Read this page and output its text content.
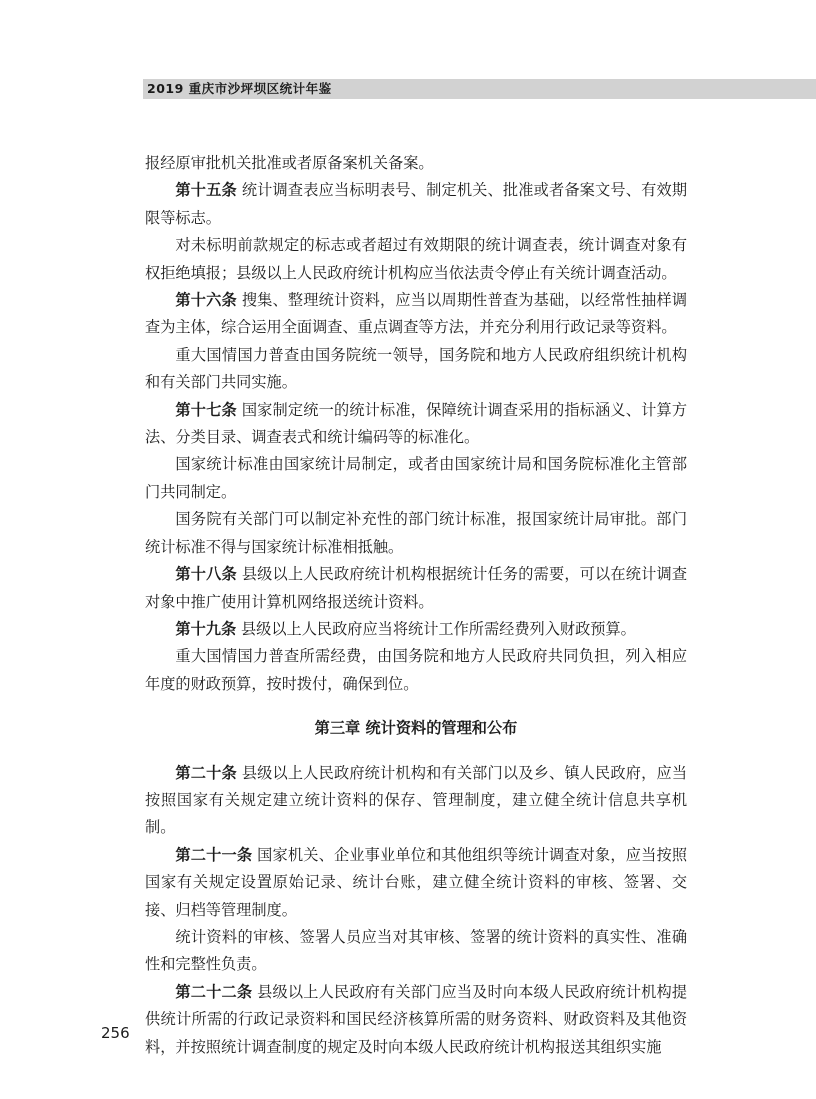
2019 重庆市沙坪坝区统计年鉴

报经原审批机关批准或者原备案机关备案。

第十五条 统计调查表应当标明表号、制定机关、批准或者备案文号、有效期限等标志。

对未标明前款规定的标志或者超过有效期限的统计调查表，统计调查对象有权拒绝填报；县级以上人民政府统计机构应当依法责令停止有关统计调查活动。

第十六条 搜集、整理统计资料，应当以周期性普查为基础，以经常性抽样调查为主体，综合运用全面调查、重点调查等方法，并充分利用行政记录等资料。

重大国情国力普查由国务院统一领导，国务院和地方人民政府组织统计机构和有关部门共同实施。

第十七条 国家制定统一的统计标准，保障统计调查采用的指标涵义、计算方法、分类目录、调查表式和统计编码等的标准化。

国家统计标准由国家统计局制定，或者由国家统计局和国务院标准化主管部门共同制定。

国务院有关部门可以制定补充性的部门统计标准，报国家统计局审批。部门统计标准不得与国家统计标准相抵触。

第十八条 县级以上人民政府统计机构根据统计任务的需要，可以在统计调查对象中推广使用计算机网络报送统计资料。

第十九条 县级以上人民政府应当将统计工作所需经费列入财政预算。

重大国情国力普查所需经费，由国务院和地方人民政府共同负担，列入相应年度的财政预算，按时拨付，确保到位。

第三章 统计资料的管理和公布

第二十条 县级以上人民政府统计机构和有关部门以及乡、镇人民政府，应当按照国家有关规定建立统计资料的保存、管理制度，建立健全统计信息共享机制。

第二十一条 国家机关、企业事业单位和其他组织等统计调查对象，应当按照国家有关规定设置原始记录、统计台账，建立健全统计资料的审核、签署、交接、归档等管理制度。

统计资料的审核、签署人员应当对其审核、签署的统计资料的真实性、准确性和完整性负责。

第二十二条 县级以上人民政府有关部门应当及时向本级人民政府统计机构提供统计所需的行政记录资料和国民经济核算所需的财务资料、财政资料及其他资料，并按照统计调查制度的规定及时向本级人民政府统计机构报送其组织实施

256
